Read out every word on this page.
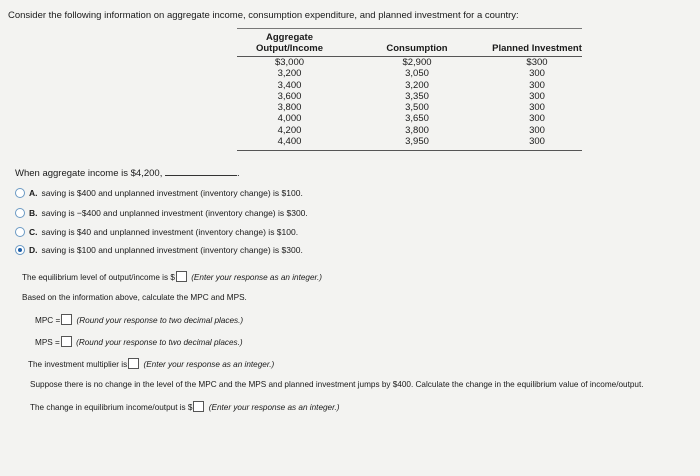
Consider the following information on aggregate income, consumption expenditure, and planned investment for a country:
Aggregate Output/Income	Consumption	Planned Investment
$3,000	$2,900	$300
3,200	3,050	300
3,400	3,200	300
3,600	3,350	300
3,800	3,500	300
4,000	3,650	300
4,200	3,800	300
4,400	3,950	300
When aggregate income is $4,200,	.
A. saving is $400 and unplanned investment (inventory change) is $100.
B. saving is −$400 and unplanned investment (inventory change) is $300.
C. saving is $40 and unplanned investment (inventory change) is $100.
D. saving is $100 and unplanned investment (inventory change) is $300.
The equilibrium level of output/income is $ (Enter your response as an integer.)
Based on the information above, calculate the MPC and MPS.
MPC = (Round your response to two decimal places.)
MPS = (Round your response to two decimal places.)
The investment multiplier is (Enter your response as an integer.)
Suppose there is no change in the level of the MPC and the MPS and planned investment jumps by $400. Calculate the change in the equilibrium value of income/output.
The change in equilibrium income/output is $ (Enter your response as an integer.)
